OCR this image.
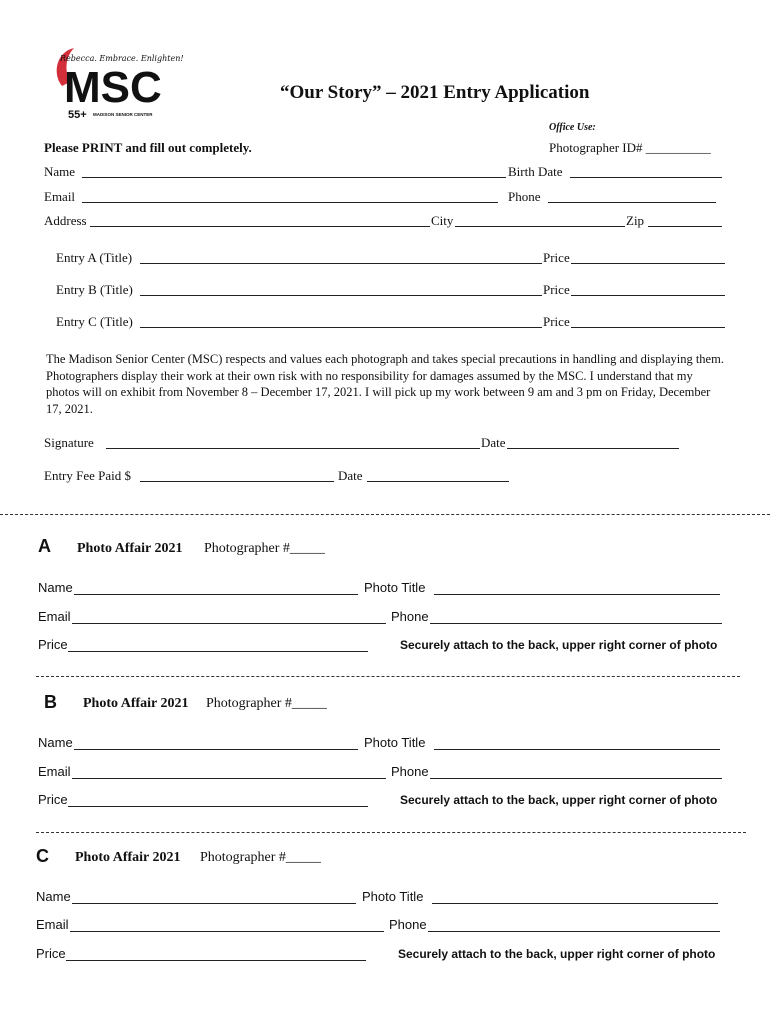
Rebecca. Embrace. Enlighten!
MSC
55+ MADISON SENIOR CENTER
“Our Story” – 2021 Entry Application
Office Use:
Please PRINT and fill out completely.	Photographer ID# __________
Name	Birth Date
Email	Phone
Address	City	Zip
Entry A (Title)	Price
Entry B (Title)	Price
Entry C (Title)	Price
The Madison Senior Center (MSC) respects and values each photograph and takes special precautions in handling and displaying them. Photographers display their work at their own risk with no responsibility for damages assumed by the MSC. I understand that my photos will on exhibit from November 8 – December 17, 2021. I will pick up my work between 9 am and 3 pm on Friday, December 17, 2021.
Signature	Date
Entry Fee Paid $	Date
A Photo Affair 2021 Photographer #_____
Name	Photo Title
Email	Phone
Price	Securely attach to the back, upper right corner of photo
B Photo Affair 2021 Photographer #_____
Name	Photo Title
Email	Phone
Price	Securely attach to the back, upper right corner of photo
C Photo Affair 2021 Photographer #_____
Name	Photo Title
Email	Phone
Price	Securely attach to the back, upper right corner of photo
